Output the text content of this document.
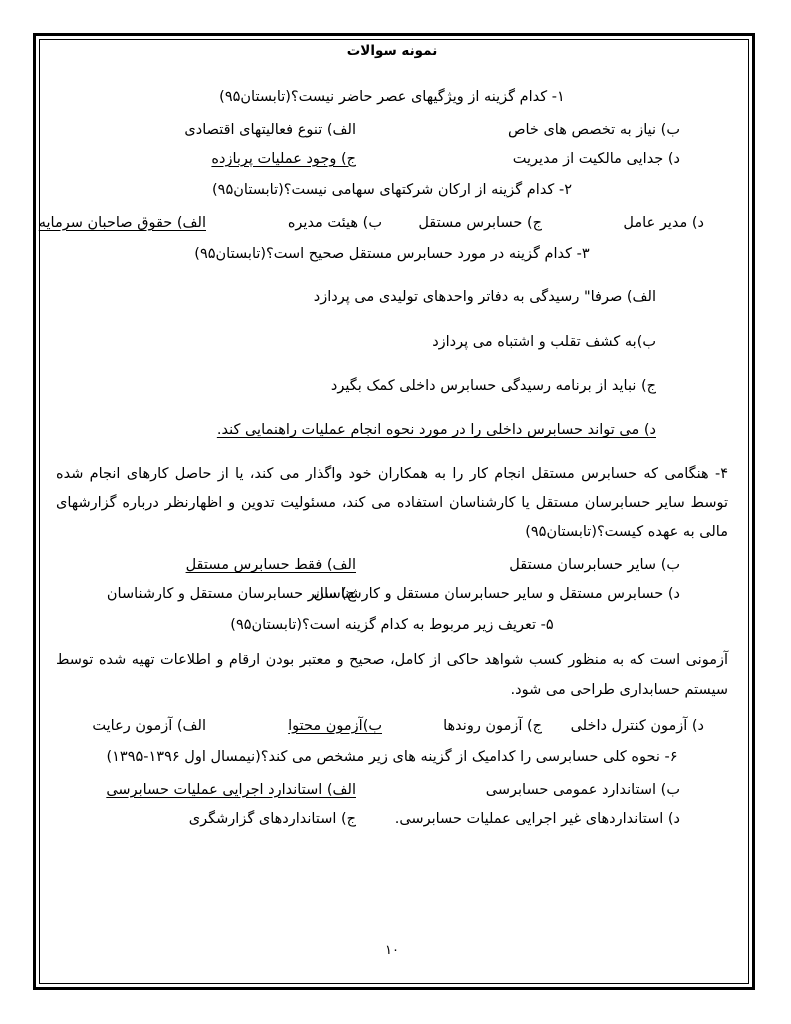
نمونه سوالات

۱- کدام گزینه از ویژگیهای عصر حاضر نیست؟(تابستان۹۵)

ب) نیاز به تخصص های خاص
الف) تنوع فعالیتهای اقتصادی
د) جدایی مالکیت از مدیریت
ج) وجود عملیات پربازده

۲- کدام گزینه از ارکان شرکتهای سهامی نیست؟(تابستان۹۵)

د) مدیر عامل
ج) حسابرس مستقل
ب) هیئت مدیره
الف) حقوق صاحبان سرمایه

۳- کدام گزینه در مورد حسابرس مستقل صحیح است؟(تابستان۹۵)

الف) صرفا" رسیدگی به دفاتر واحدهای تولیدی می پردازد

ب)به کشف تقلب و اشتباه می پردازد

ج) نباید از برنامه رسیدگی حسابرس داخلی کمک بگیرد

د) می تواند حسابرس داخلی را در مورد نحوه انجام عملیات راهنمایی کند.

۴- هنگامی که حسابرس مستقل انجام کار را به همکاران خود واگذار می کند، یا از حاصل کارهای انجام شده توسط سایر حسابرسان مستقل یا کارشناسان استفاده می کند، مسئولیت تدوین و اظهارنظر درباره گزارشهای مالی به عهده کیست؟(تابستان۹۵)

ب) سایر حسابرسان مستقل
الف) فقط حسابرس مستقل
د) حسابرس مستقل و سایر حسابرسان مستقل و کارشناسان
ج) سایر حسابرسان مستقل و کارشناسان

۵- تعریف زیر مربوط به کدام گزینه است؟(تابستان۹۵)

آزمونی است که به منظور کسب شواهد حاکی از کامل، صحیح و معتبر بودن ارقام و اطلاعات تهیه شده توسط سیستم حسابداری طراحی می شود.

د) آزمون کنترل داخلی
ج) آزمون روندها
ب)آزمون محتوا
الف) آزمون رعایت

۶- نحوه کلی حسابرسی را کدامیک از گزینه های زیر مشخص می کند؟(نیمسال اول ۱۳۹۶-۱۳۹۵)

ب) استاندارد عمومی حسابرسی
الف) استاندارد اجرایی عملیات حسابرسی
د) استانداردهای غیر اجرایی عملیات حسابرسی.
ج) استانداردهای گزارشگری
۱۰
